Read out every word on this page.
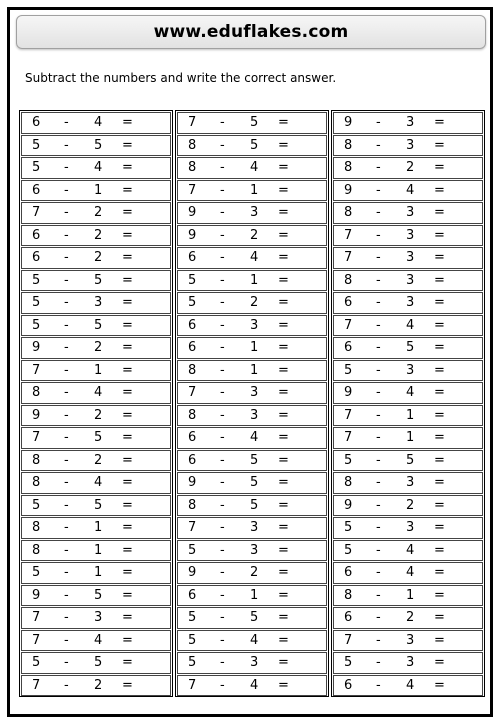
www.eduflakes.com
Subtract the numbers and write the correct answer.
6 - 4 =
5 - 5 =
5 - 4 =
6 - 1 =
7 - 2 =
6 - 2 =
6 - 2 =
5 - 5 =
5 - 3 =
5 - 5 =
9 - 2 =
7 - 1 =
8 - 4 =
9 - 2 =
7 - 5 =
8 - 2 =
8 - 4 =
5 - 5 =
8 - 1 =
8 - 1 =
5 - 1 =
9 - 5 =
7 - 3 =
7 - 4 =
5 - 5 =
7 - 2 =
7 - 5 =
8 - 5 =
8 - 4 =
7 - 1 =
9 - 3 =
9 - 2 =
6 - 4 =
5 - 1 =
5 - 2 =
6 - 3 =
6 - 1 =
8 - 1 =
7 - 3 =
8 - 3 =
6 - 4 =
6 - 5 =
9 - 5 =
8 - 5 =
7 - 3 =
5 - 3 =
9 - 2 =
6 - 1 =
5 - 5 =
5 - 4 =
5 - 3 =
7 - 4 =
9 - 3 =
8 - 3 =
8 - 2 =
9 - 4 =
8 - 3 =
7 - 3 =
7 - 3 =
8 - 3 =
6 - 3 =
7 - 4 =
6 - 5 =
5 - 3 =
9 - 4 =
7 - 1 =
7 - 1 =
5 - 5 =
8 - 3 =
9 - 2 =
5 - 3 =
5 - 4 =
6 - 4 =
8 - 1 =
6 - 2 =
7 - 3 =
5 - 3 =
6 - 4 =
